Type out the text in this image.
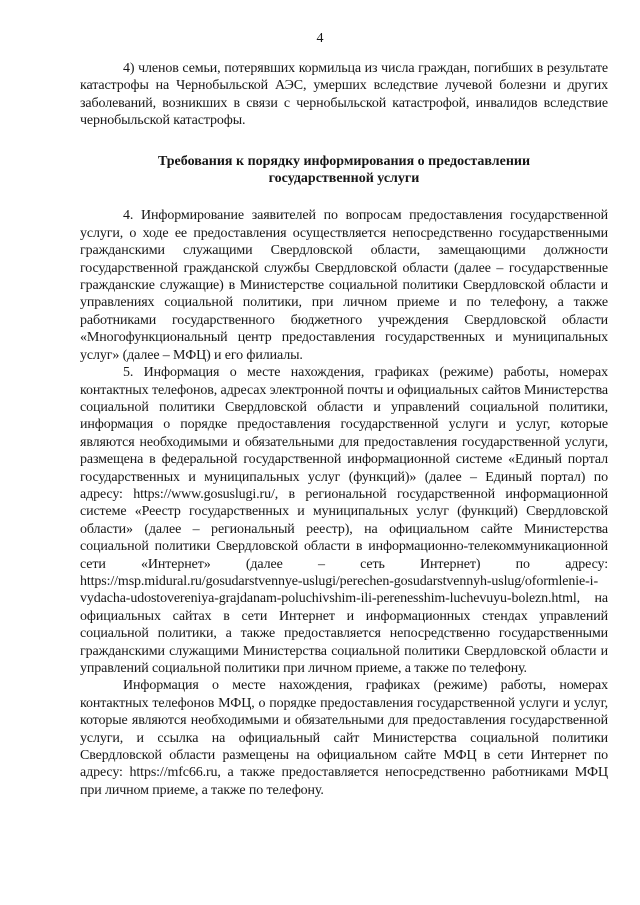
4

4) членов семьи, потерявших кормильца из числа граждан, погибших в результате катастрофы на Чернобыльской АЭС, умерших вследствие лучевой болезни и других заболеваний, возникших в связи с чернобыльской катастрофой, инвалидов вследствие чернобыльской катастрофы.

Требования к порядку информирования о предоставлении государственной услуги

4. Информирование заявителей по вопросам предоставления государственной услуги, о ходе ее предоставления осуществляется непосредственно государственными гражданскими служащими Свердловской области, замещающими должности государственной гражданской службы Свердловской области (далее – государственные гражданские служащие) в Министерстве социальной политики Свердловской области и управлениях социальной политики, при личном приеме и по телефону, а также работниками государственного бюджетного учреждения Свердловской области «Многофункциональный центр предоставления государственных и муниципальных услуг» (далее – МФЦ) и его филиалы.

5. Информация о месте нахождения, графиках (режиме) работы, номерах контактных телефонов, адресах электронной почты и официальных сайтов Министерства социальной политики Свердловской области и управлений социальной политики, информация о порядке предоставления государственной услуги и услуг, которые являются необходимыми и обязательными для предоставления государственной услуги, размещена в федеральной государственной информационной системе «Единый портал государственных и муниципальных услуг (функций)» (далее – Единый портал) по адресу: https://www.gosuslugi.ru/, в региональной государственной информационной системе «Реестр государственных и муниципальных услуг (функций) Свердловской области» (далее – региональный реестр), на официальном сайте Министерства социальной политики Свердловской области в информационно-телекоммуникационной сети «Интернет» (далее – сеть Интернет) по адресу: https://msp.midural.ru/gosudarstvennye-uslugi/perechen-gosudarstvennyh-uslug/oformlenie-i-vydacha-udostovereniya-grajdanam-poluchivshim-ili-perenesshim-luchevuyu-bolezn.html, на официальных сайтах в сети Интернет и информационных стендах управлений социальной политики, а также предоставляется непосредственно государственными гражданскими служащими Министерства социальной политики Свердловской области и управлений социальной политики при личном приеме, а также по телефону.

Информация о месте нахождения, графиках (режиме) работы, номерах контактных телефонов МФЦ, о порядке предоставления государственной услуги и услуг, которые являются необходимыми и обязательными для предоставления государственной услуги, и ссылка на официальный сайт Министерства социальной политики Свердловской области размещены на официальном сайте МФЦ в сети Интернет по адресу: https://mfc66.ru, а также предоставляется непосредственно работниками МФЦ при личном приеме, а также по телефону.
